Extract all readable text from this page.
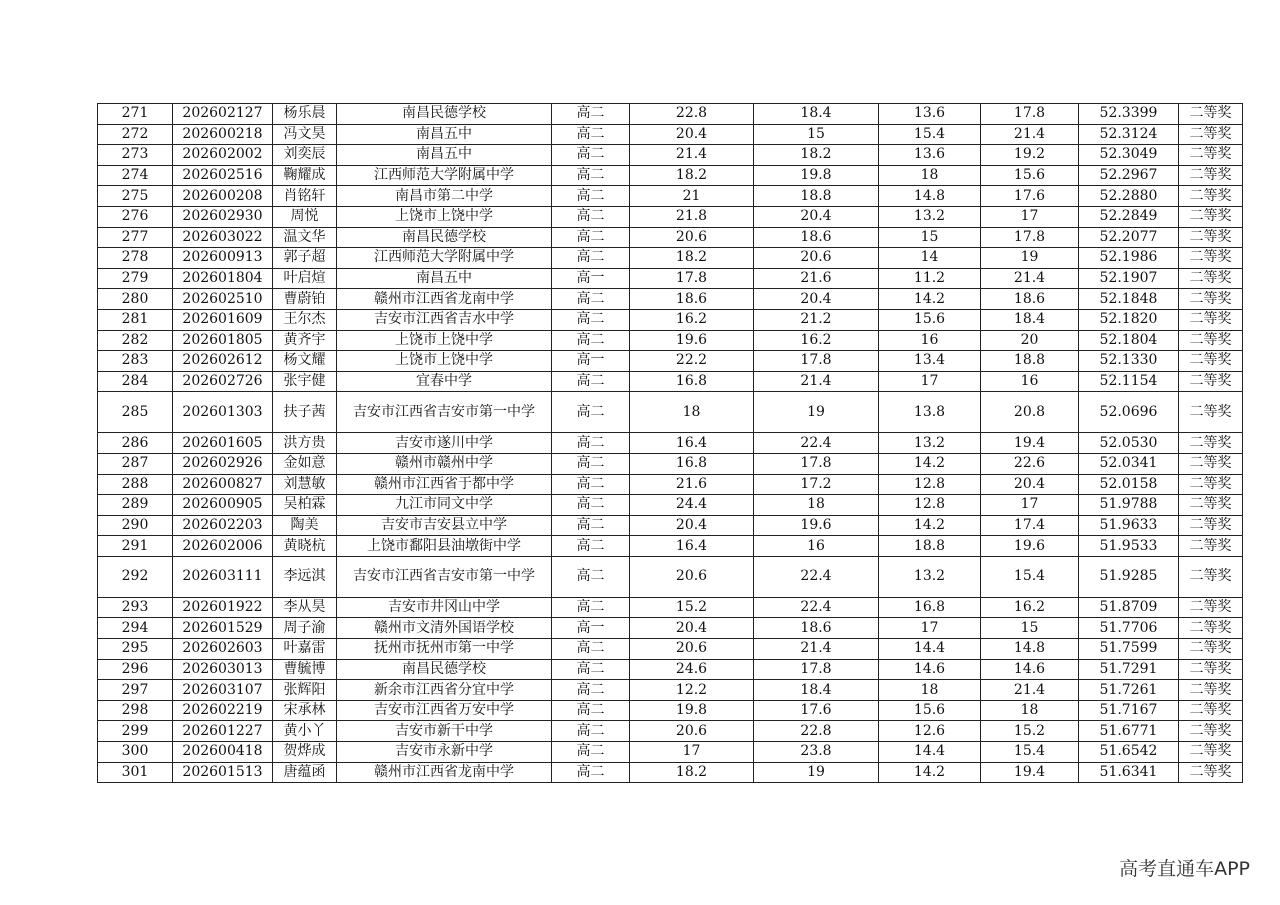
271	202602127	杨乐晨	南昌民德学校	高二	22.8	18.4	13.6	17.8	52.3399	二等奖
272	202600218	冯文昊	南昌五中	高二	20.4	15	15.4	21.4	52.3124	二等奖
273	202602002	刘奕辰	南昌五中	高二	21.4	18.2	13.6	19.2	52.3049	二等奖
274	202602516	鞠耀成	江西师范大学附属中学	高二	18.2	19.8	18	15.6	52.2967	二等奖
275	202600208	肖铭轩	南昌市第二中学	高二	21	18.8	14.8	17.6	52.2880	二等奖
276	202602930	周悦	上饶市上饶中学	高二	21.8	20.4	13.2	17	52.2849	二等奖
277	202603022	温文华	南昌民德学校	高二	20.6	18.6	15	17.8	52.2077	二等奖
278	202600913	郭子超	江西师范大学附属中学	高二	18.2	20.6	14	19	52.1986	二等奖
279	202601804	叶启煊	南昌五中	高一	17.8	21.6	11.2	21.4	52.1907	二等奖
280	202602510	曹蔚铂	赣州市江西省龙南中学	高二	18.6	20.4	14.2	18.6	52.1848	二等奖
281	202601609	王尔杰	吉安市江西省吉水中学	高二	16.2	21.2	15.6	18.4	52.1820	二等奖
282	202601805	黄齐宇	上饶市上饶中学	高二	19.6	16.2	16	20	52.1804	二等奖
283	202602612	杨文耀	上饶市上饶中学	高一	22.2	17.8	13.4	18.8	52.1330	二等奖
284	202602726	张宇健	宜春中学	高二	16.8	21.4	17	16	52.1154	二等奖
285	202601303	扶子茜	吉安市江西省吉安市第一中学	高二	18	19	13.8	20.8	52.0696	二等奖
286	202601605	洪方贵	吉安市遂川中学	高二	16.4	22.4	13.2	19.4	52.0530	二等奖
287	202602926	金如意	赣州市赣州中学	高二	16.8	17.8	14.2	22.6	52.0341	二等奖
288	202600827	刘慧敏	赣州市江西省于都中学	高二	21.6	17.2	12.8	20.4	52.0158	二等奖
289	202600905	吴柏霖	九江市同文中学	高二	24.4	18	12.8	17	51.9788	二等奖
290	202602203	陶美	吉安市吉安县立中学	高二	20.4	19.6	14.2	17.4	51.9633	二等奖
291	202602006	黄晓杭	上饶市鄱阳县油墩街中学	高二	16.4	16	18.8	19.6	51.9533	二等奖
292	202603111	李远淇	吉安市江西省吉安市第一中学	高二	20.6	22.4	13.2	15.4	51.9285	二等奖
293	202601922	李从昊	吉安市井冈山中学	高二	15.2	22.4	16.8	16.2	51.8709	二等奖
294	202601529	周子渝	赣州市文清外国语学校	高一	20.4	18.6	17	15	51.7706	二等奖
295	202602603	叶嘉雷	抚州市抚州市第一中学	高二	20.6	21.4	14.4	14.8	51.7599	二等奖
296	202603013	曹毓博	南昌民德学校	高二	24.6	17.8	14.6	14.6	51.7291	二等奖
297	202603107	张辉阳	新余市江西省分宜中学	高二	12.2	18.4	18	21.4	51.7261	二等奖
298	202602219	宋承林	吉安市江西省万安中学	高二	19.8	17.6	15.6	18	51.7167	二等奖
299	202601227	黄小丫	吉安市新干中学	高二	20.6	22.8	12.6	15.2	51.6771	二等奖
300	202600418	贺烨成	吉安市永新中学	高二	17	23.8	14.4	15.4	51.6542	二等奖
301	202601513	唐蕴函	赣州市江西省龙南中学	高二	18.2	19	14.2	19.4	51.6341	二等奖
高考直通车APP
